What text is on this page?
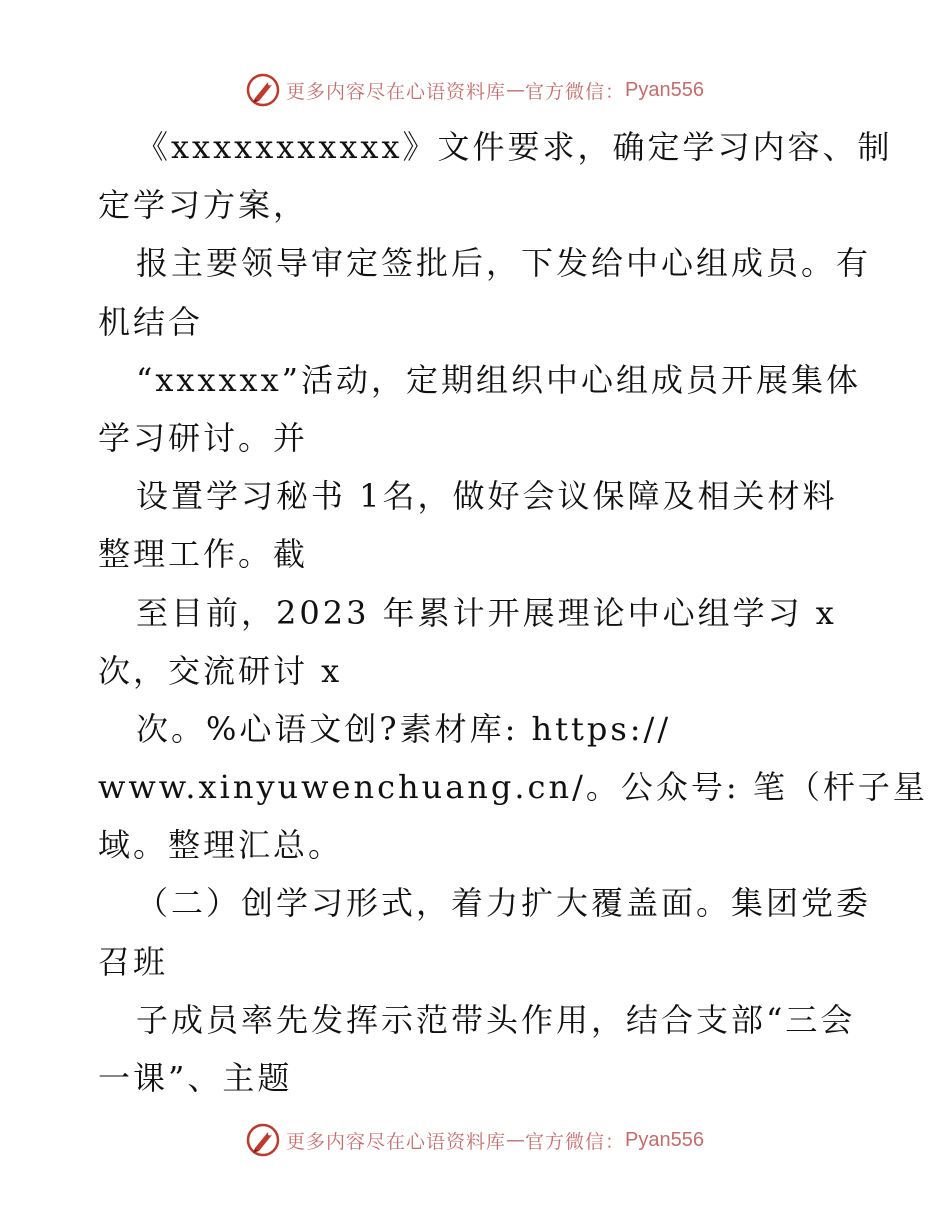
更多内容尽在心语资料库 — 官方微信： Pyan556
《xxxxxxxxxxx》文件要求，确定学习内容、制
定学习方案，
报主要领导审定签批后，下发给中心组成员。有
机结合
“xxxxxx”活动，定期组织中心组成员开展集体
学习研讨。并
设置学习秘书 1名，做好会议保障及相关材料
整理工作。截
至目前，2023 年累计开展理论中心组学习 x
次，交流研讨 x
次。%心语文创?素材库: https://
www.xinyuwenchuang.cn/。公众号: 笔（杆子星
域。整理汇总。
（二）创学习形式，着力扩大覆盖面。集团党委
召班
子成员率先发挥示范带头作用，结合支部“三会
一课”、主题
更多内容尽在心语资料库 — 官方微信： Pyan556
